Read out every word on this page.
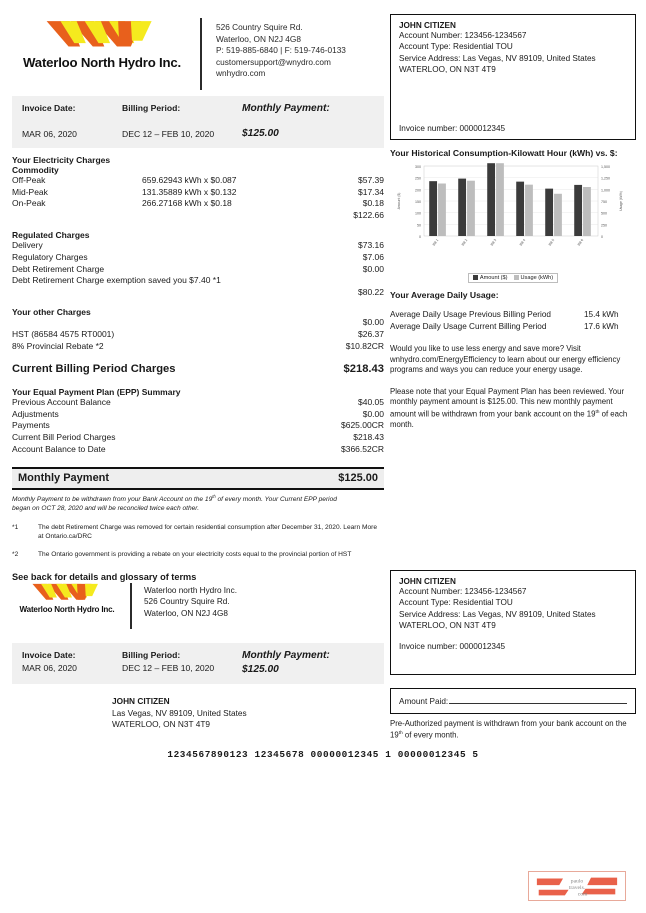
Waterloo North Hydro Inc.
526 Country Squire Rd.
Waterloo, ON N2J 4G8
P: 519-885-6840 | F: 519-746-0133
customersupport@wnydro.com
wnhydro.com
Invoice Date:
MAR 06, 2020
Billing Period:
DEC 12 – FEB 10, 2020
Monthly Payment:
$125.00
Your Electricity Charges
Commodity
Off-Peak	659.62943 kWh x $0.087	$57.39
Mid-Peak	131.35889 kWh x $0.132	$17.34
On-Peak	266.27168 kWh x $0.18	$0.18
$122.66
Regulated Charges
Delivery	$73.16
Regulatory Charges	$7.06
Debt Retirement Charge	$0.00
Debt Retirement Charge exemption saved you $7.40 *1
$80.22
Your other Charges
$0.00
HST (86584 4575 RT0001)	$26.37
8% Provincial Rebate *2	$10.82CR
Current Billing Period Charges	$218.43
Your Equal Payment Plan (EPP) Summary
Previous Account Balance	$40.05
Adjustments	$0.00
Payments	$625.00CR
Current Bill Period Charges	$218.43
Account Balance to Date	$366.52CR
Monthly Payment	$125.00
Monthly Payment to be withdrawn from your Bank Account on the 19th of every month. Your Current EPP period
began on OCT 28, 2020 and will be reconciled twice each other.
*1	The debt Retirement Charge was removed for certain residential consumption after December 31, 2020. Learn More at Ontario.ca/DRC
*2	The Ontario government is providing a rebate on your electricity costs equal to the provincial portion of HST
See back for details and glossary of terms
JOHN CITIZEN
Account Number: 123456-1234567
Account Type: Residential TOU
Service Address: Las Vegas, NV 89109, United States
WATERLOO, ON N3T 4T9
Invoice number: 0000012345
Your Historical Consumption-Kilowatt Hour (kWh) vs. $:
0	0
50	250
100	500
150	750
200	1,000
250	1,250
300	1,500
Amount ($)	Usage (kWh)
Bill 1	Bill 2	Bill 3	Bill 4	Bill 5	Bill 6
Amount ($)	Usage (kWh)
Your Average Daily Usage:
Average Daily Usage Previous Billing Period	15.4 kWh
Average Daily Usage Current Billing Period	17.6 kWh
Would you like to use less energy and save more? Visit wnhydro.com/EnergyEfficiency to learn about our energy efficiency programs and ways you can reduce your energy usage.
Please note that your Equal Payment Plan has been reviewed. Your monthly payment amount is $125.00. This new monthly payment amount will be withdrawn from your bank account on the 19th of each month.
Waterloo North Hydro Inc.
Waterloo north Hydro Inc.
526 Country Squire Rd.
Waterloo, ON N2J 4G8
Invoice Date:
MAR 06, 2020
Billing Period:
DEC 12 – FEB 10, 2020
Monthly Payment:
$125.00
JOHN CITIZEN
Las Vegas, NV 89109, United States
WATERLOO, ON N3T 4T9
1234567890123 12345678 00000012345 1 00000012345 5
JOHN CITIZEN
Account Number: 123456-1234567
Account Type: Residential TOU
Service Address: Las Vegas, NV 89109, United States
WATERLOO, ON N3T 4T9
Invoice number: 0000012345
Amount Paid:
Pre-Authorized payment is withdrawn from your bank account on the 19th of every month.
paulo
travels.
com
